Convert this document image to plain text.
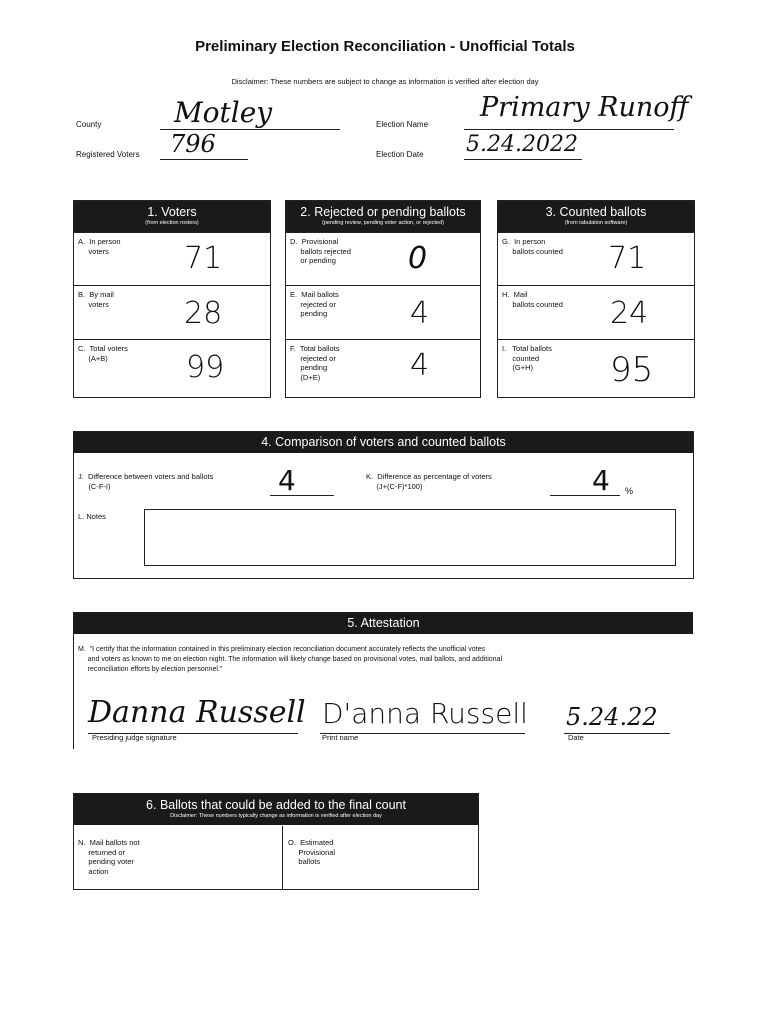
Preliminary Election Reconciliation - Unofficial Totals
Disclaimer: These numbers are subject to change as information is verified after election day
County	Motley
Registered Voters 796
Election Name
Primary Runoff
Election Date 5.24.2022
1. Voters
(from election rosters)
A.  In person
voters	71
B.  By mail
voters	28
C.  Total voters
(A+B)	99
2. Rejected or pending ballots
(pending review, pending voter action, or rejected)
D.  Provisional
ballots rejected
or pending	0
E.  Mail ballots
rejected or
pending	4
F.  Total ballots
rejected or
pending
(D+E)	4
3. Counted ballots
(from tabulation software)
G.  In person
ballots counted	71
H.  Mail
ballots counted	24
I.   Total ballots
counted
(G+H)	95
4. Comparison of voters and counted ballots
J.  Difference between voters and ballots
(C-F-I)	4	K.  Difference as percentage of voters
(J+(C-F)*100)	4 %
L. Notes
5. Attestation
M.  "I certify that the information contained in this preliminary election reconciliation document accurately reflects the unofficial votes
and voters as known to me on election night. The information will likely change based on provisional votes, mail ballots, and additional
reconciliation efforts by election personnel."
Danna Russell
Presiding judge signature
D'anna Russell
Print name
5.24.22
Date
6. Ballots that could be added to the final count
Disclaimer: These numbers typically change as information is verified after election day
N.  Mail ballots not
returned or
pending voter
action
O.  Estimated
Provisional
ballots
